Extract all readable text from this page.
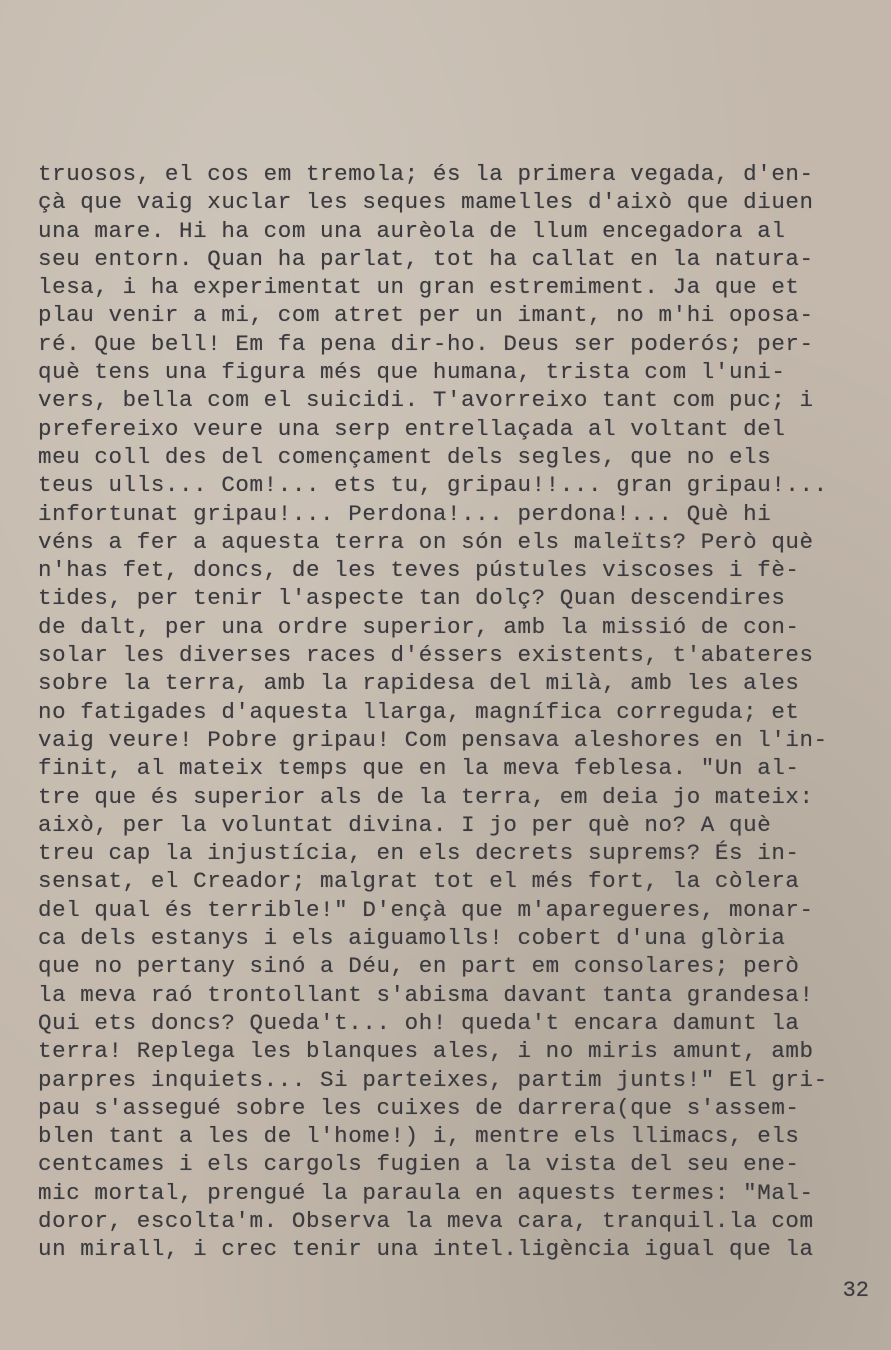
truosos, el cos em tremola; és la primera vegada, d'en-
çà que vaig xuclar les seques mamelles d'això que diuen
una mare. Hi ha com una aurèola de llum encegadora al
seu entorn. Quan ha parlat, tot ha callat en la natura-
lesa, i ha experimentat un gran estremiment. Ja que et
plau venir a mi, com atret per un imant, no m'hi oposa-
ré. Que bell! Em fa pena dir-ho. Deus ser poderós; per-
què tens una figura més que humana, trista com l'uni-
vers, bella com el suicidi. T'avorreixo tant com puc; i
prefereixo veure una serp entrellaçada al voltant del
meu coll des del començament dels segles, que no els
teus ulls... Com!... ets tu, gripau!!... gran gripau!...
infortunat gripau!... Perdona!... perdona!... Què hi
véns a fer a aquesta terra on són els maleïts? Però què
n'has fet, doncs, de les teves pústules viscoses i fè-
tides, per tenir l'aspecte tan dolç? Quan descendires
de dalt, per una ordre superior, amb la missió de con-
solar les diverses races d'éssers existents, t'abateres
sobre la terra, amb la rapidesa del milà, amb les ales
no fatigades d'aquesta llarga, magnífica correguda; et
vaig veure! Pobre gripau! Com pensava aleshores en l'in-
finit, al mateix temps que en la meva feblesa. "Un al-
tre que és superior als de la terra, em deia jo mateix:
això, per la voluntat divina. I jo per què no? A què
treu cap la injustícia, en els decrets suprems? És in-
sensat, el Creador; malgrat tot el més fort, la còlera
del qual és terrible!" D'ençà que m'aparegueres, monar-
ca dels estanys i els aiguamolls! cobert d'una glòria
que no pertany sinó a Déu, en part em consolares; però
la meva raó trontollant s'abisma davant tanta grandesa!
Qui ets doncs? Queda't... oh! queda't encara damunt la
terra! Replega les blanques ales, i no miris amunt, amb
parpres inquiets... Si parteixes, partim junts!" El gri-
pau s'assegué sobre les cuixes de darrera(que s'assem-
blen tant a les de l'home!) i, mentre els llimacs, els
centcames i els cargols fugien a la vista del seu ene-
mic mortal, prengué la paraula en aquests termes: "Mal-
doror, escolta'm. Observa la meva cara, tranquil.la com
un mirall, i crec tenir una intel.ligència igual que la
32
